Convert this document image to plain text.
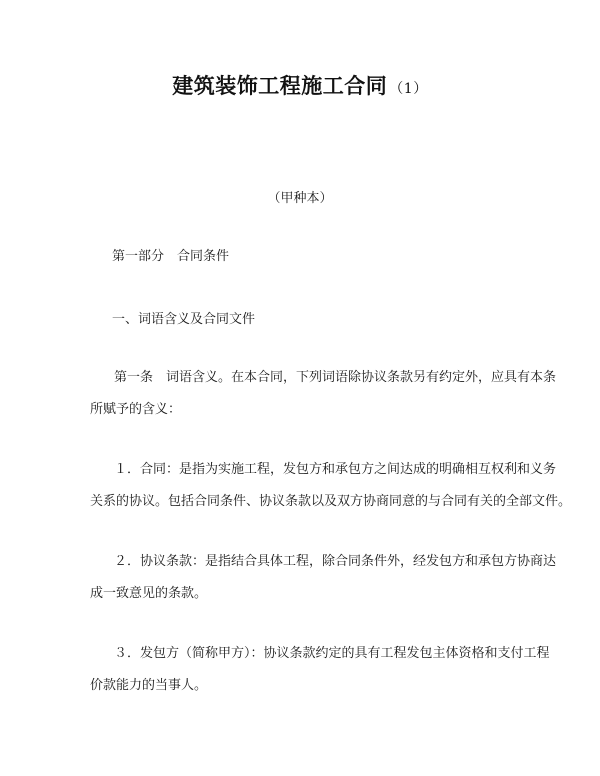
建筑装饰工程施工合同 （1）
（甲种本）
第一部分　合同条件
一、词语含义及合同文件
第一条　词语含义。在本合同，下列词语除协议条款另有约定外，应具有本条
所赋予的含义：
１．合同：是指为实施工程，发包方和承包方之间达成的明确相互权利和义务
关系的协议。包括合同条件、协议条款以及双方协商同意的与合同有关的全部文件。
２．协议条款：是指结合具体工程，除合同条件外，经发包方和承包方协商达
成一致意见的条款。
３．发包方（简称甲方）：协议条款约定的具有工程发包主体资格和支付工程
价款能力的当事人。
